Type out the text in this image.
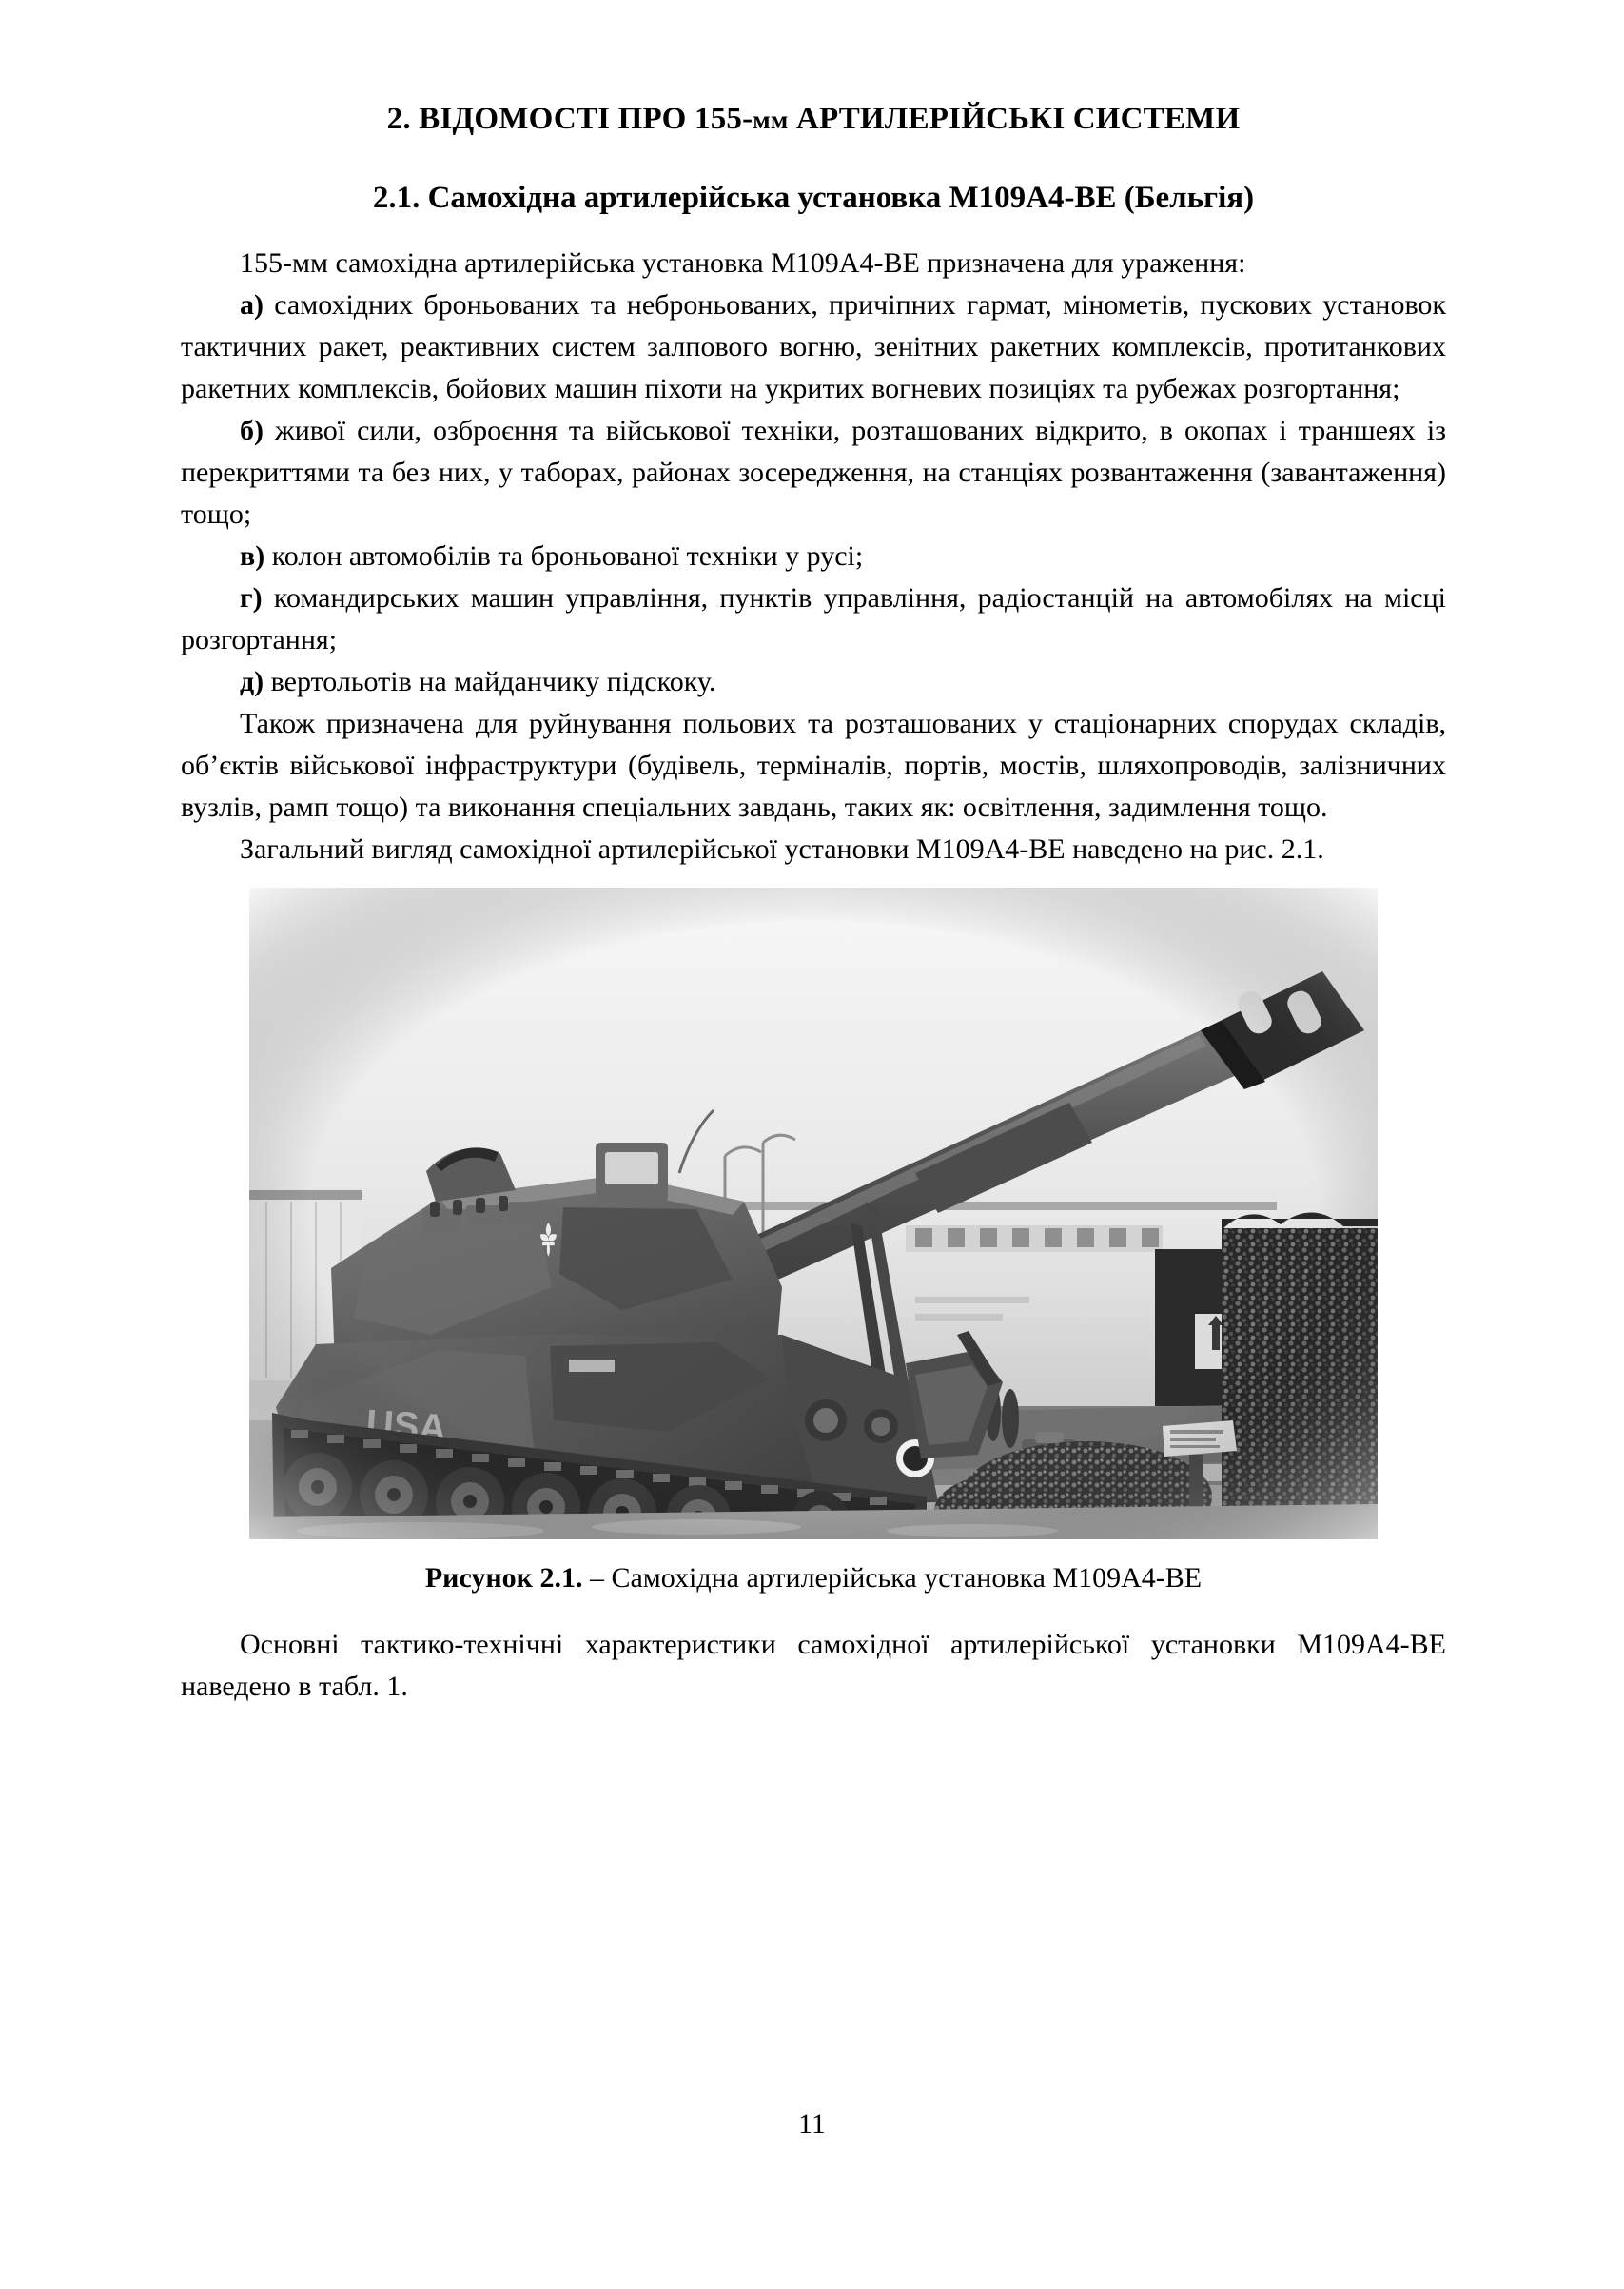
2. ВІДОМОСТІ ПРО 155-мм АРТИЛЕРІЙСЬКІ СИСТЕМИ
2.1. Самохідна артилерійська установка М109А4-ВЕ (Бельгія)

155-мм самохідна артилерійська установка М109А4-ВЕ призначена для ураження:

а) самохідних броньованих та неброньованих, причіпних гармат, мінометів, пускових установок тактичних ракет, реактивних систем залпового вогню, зенітних ракетних комплексів, протитанкових ракетних комплексів, бойових машин піхоти на укритих вогневих позиціях та рубежах розгортання;

б) живої сили, озброєння та військової техніки, розташованих відкрито, в окопах і траншеях із перекриттями та без них, у таборах, районах зосередження, на станціях розвантаження (завантаження) тощо;

в) колон автомобілів та броньованої техніки у русі;

г) командирських машин управління, пунктів управління, радіостанцій на автомобілях на місці розгортання;

д) вертольотів на майданчику підскоку.

Також призначена для руйнування польових та розташованих у стаціонарних спорудах складів, об’єктів військової інфраструктури (будівель, терміналів, портів, мостів, шляхопроводів, залізничних вузлів, рамп тощо) та виконання спеціальних завдань, таких як: освітлення, задимлення тощо.

Загальний вигляд самохідної артилерійської установки М109А4-ВЕ наведено на рис. 2.1.

Рисунок 2.1. – Самохідна артилерійська установка М109А4-ВЕ

Основні тактико-технічні характеристики самохідної артилерійської установки М109А4-ВЕ наведено в табл. 1.

11
